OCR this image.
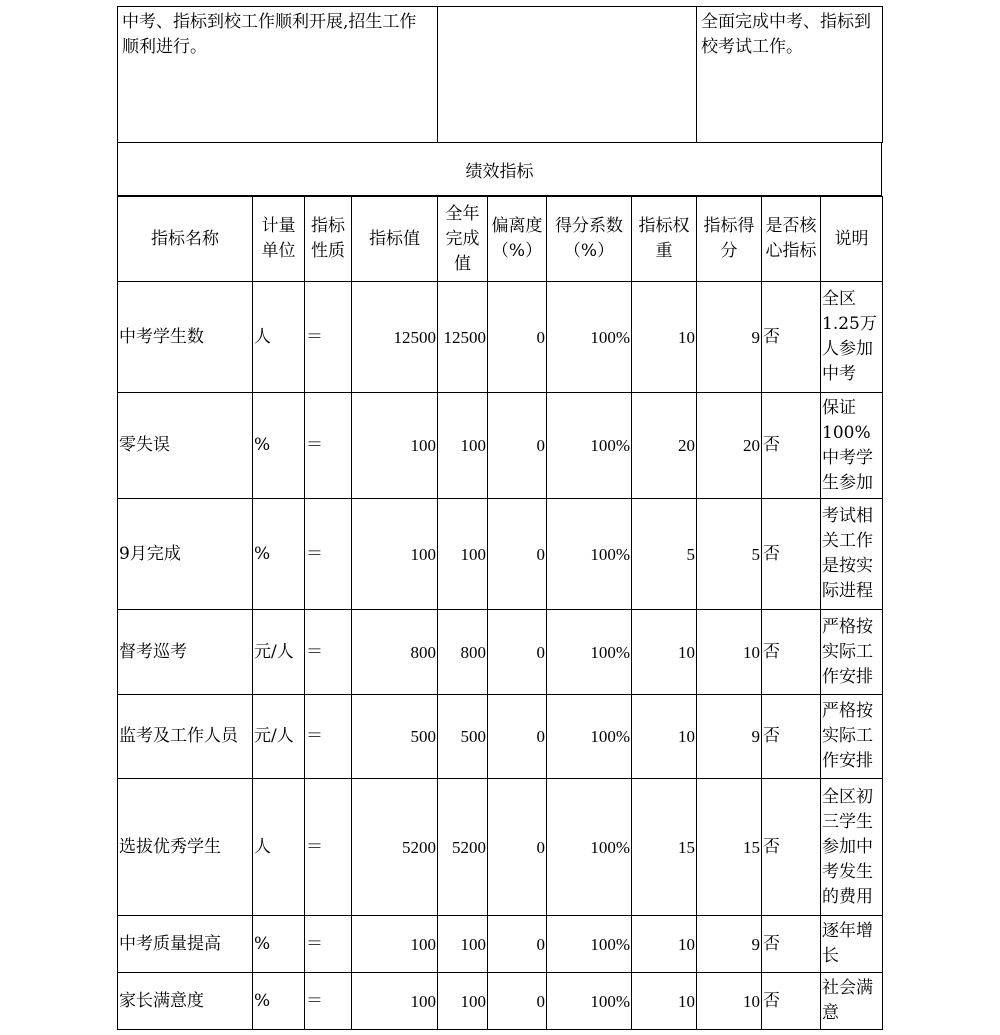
中考、指标到校工作顺利开展,招生工作顺利进行。		全面完成中考、指标到校考试工作。
绩效指标
指标名称	计量单位	指标性质	指标值	全年完成值	偏离度（%）	得分系数（%）	指标权重	指标得分	是否核心指标	说明
中考学生数	人	＝	12500	12500	0	100%	10	9	否	全区1.25万人参加中考
零失误	%	＝	100	100	0	100%	20	20	否	保证100%中考学生参加
9月完成	%	＝	100	100	0	100%	5	5	否	考试相关工作是按实际进程
督考巡考	元/人	＝	800	800	0	100%	10	10	否	严格按实际工作安排
监考及工作人员	元/人	＝	500	500	0	100%	10	9	否	严格按实际工作安排
选拔优秀学生	人	＝	5200	5200	0	100%	15	15	否	全区初三学生参加中考发生的费用
中考质量提高	%	＝	100	100	0	100%	10	9	否	逐年增长
家长满意度	%	＝	100	100	0	100%	10	10	否	社会满意
